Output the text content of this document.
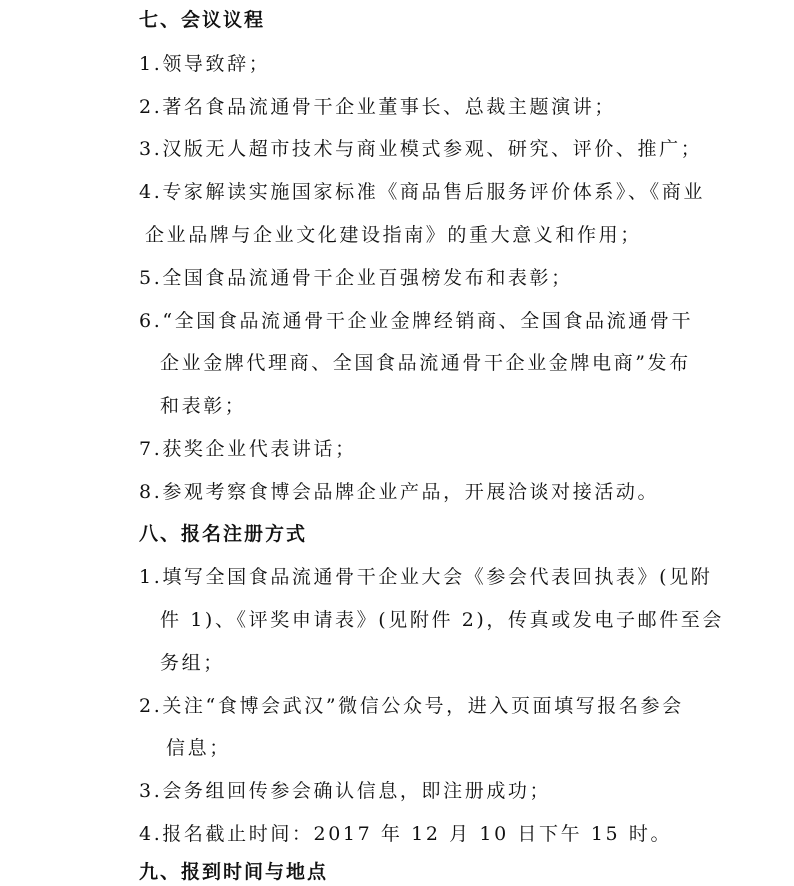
七、会议议程
1.领导致辞；
2.著名食品流通骨干企业董事长、总裁主题演讲；
3.汉版无人超市技术与商业模式参观、研究、评价、推广；
4.专家解读实施国家标准《商品售后服务评价体系》、《商业
企业品牌与企业文化建设指南》的重大意义和作用；
5.全国食品流通骨干企业百强榜发布和表彰；
6.“全国食品流通骨干企业金牌经销商、全国食品流通骨干
企业金牌代理商、全国食品流通骨干企业金牌电商”发布
和表彰；
7.获奖企业代表讲话；
8.参观考察食博会品牌企业产品，开展洽谈对接活动。
八、报名注册方式
1.填写全国食品流通骨干企业大会《参会代表回执表》(见附
件 1)、《评奖申请表》(见附件 2)，传真或发电子邮件至会
务组；
2.关注“食博会武汉”微信公众号，进入页面填写报名参会
信息；
3.会务组回传参会确认信息，即注册成功；
4.报名截止时间：2017 年 12 月 10 日下午 15 时。
九、报到时间与地点
